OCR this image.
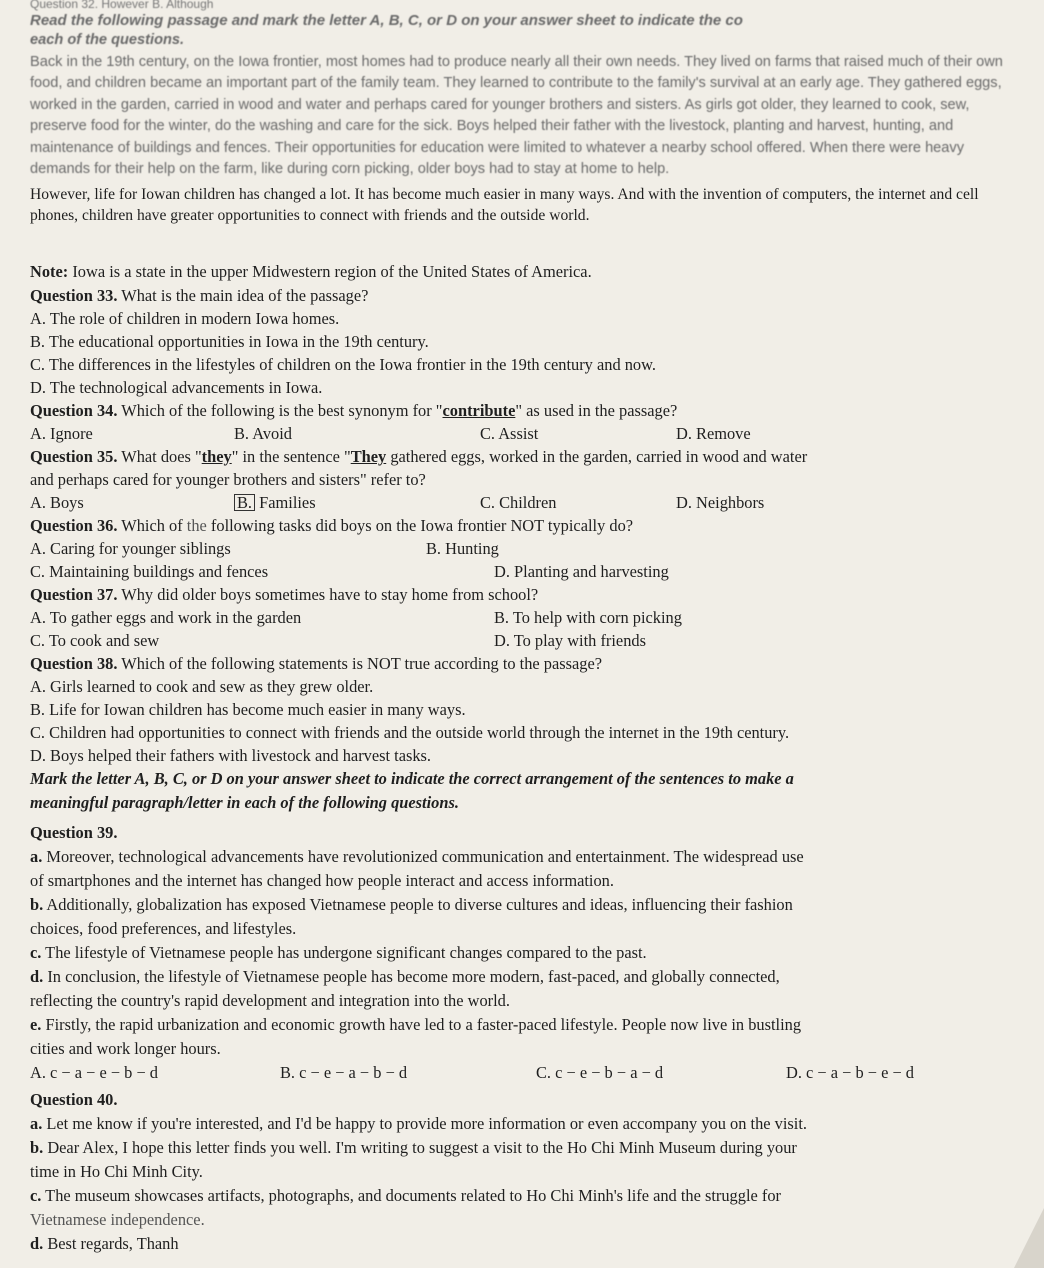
Question 32. However B. Although
Read the following passage and mark the letter A, B, C, or D on your answer sheet to indicate the co

each of the questions.

Back in the 19th century, on the Iowa frontier, most homes had to produce nearly all their own needs. They lived on farms that raised much of their own food, and children became an important part of the family team. They learned to contribute to the family's survival at an early age. They gathered eggs, worked in the garden, carried in wood and water and perhaps cared for younger brothers and sisters. As girls got older, they learned to cook, sew, preserve food for the winter, do the washing and care for the sick. Boys helped their father with the livestock, planting and harvest, hunting, and maintenance of buildings and fences. Their opportunities for education were limited to whatever a nearby school offered. When there were heavy demands for their help on the farm, like during corn picking, older boys had to stay at home to help.

However, life for Iowan children has changed a lot. It has become much easier in many ways. And with the invention of computers, the internet and cell phones, children have greater opportunities to connect with friends and the outside world.
Note: Iowa is a state in the upper Midwestern region of the United States of America.
Question 33. What is the main idea of the passage?
A. The role of children in modern Iowa homes.
B. The educational opportunities in Iowa in the 19th century.
C. The differences in the lifestyles of children on the Iowa frontier in the 19th century and now.
D. The technological advancements in Iowa.
Question 34. Which of the following is the best synonym for "contribute" as used in the passage?
A. Ignore	B. Avoid	C. Assist	D. Remove
Question 35. What does "they" in the sentence "They gathered eggs, worked in the garden, carried in wood and water
and perhaps cared for younger brothers and sisters" refer to?
A. Boys	B. Families	C. Children	D. Neighbors
Question 36. Which of the following tasks did boys on the Iowa frontier NOT typically do?
A. Caring for younger siblings	B. Hunting
C. Maintaining buildings and fences	D. Planting and harvesting
Question 37. Why did older boys sometimes have to stay home from school?
A. To gather eggs and work in the garden	B. To help with corn picking
C. To cook and sew	D. To play with friends
Question 38. Which of the following statements is NOT true according to the passage?
A. Girls learned to cook and sew as they grew older.
B. Life for Iowan children has become much easier in many ways.
C. Children had opportunities to connect with friends and the outside world through the internet in the 19th century.
D. Boys helped their fathers with livestock and harvest tasks.
Mark the letter A, B, C, or D on your answer sheet to indicate the correct arrangement of the sentences to make a
meaningful paragraph/letter in each of the following questions.
Question 39.
a. Moreover, technological advancements have revolutionized communication and entertainment. The widespread use
of smartphones and the internet has changed how people interact and access information.
b. Additionally, globalization has exposed Vietnamese people to diverse cultures and ideas, influencing their fashion
choices, food preferences, and lifestyles.
c. The lifestyle of Vietnamese people has undergone significant changes compared to the past.
d. In conclusion, the lifestyle of Vietnamese people has become more modern, fast-paced, and globally connected,
reflecting the country's rapid development and integration into the world.
e. Firstly, the rapid urbanization and economic growth have led to a faster-paced lifestyle. People now live in bustling
cities and work longer hours.
A. c − a − e − b − d	B. c − e − a − b − d	C. c − e − b − a − d	D. c − a − b − e − d
Question 40.
a. Let me know if you're interested, and I'd be happy to provide more information or even accompany you on the visit.
b. Dear Alex, I hope this letter finds you well. I'm writing to suggest a visit to the Ho Chi Minh Museum during your
time in Ho Chi Minh City.
c. The museum showcases artifacts, photographs, and documents related to Ho Chi Minh's life and the struggle for
Vietnamese independence.
d. Best regards, Thanh
